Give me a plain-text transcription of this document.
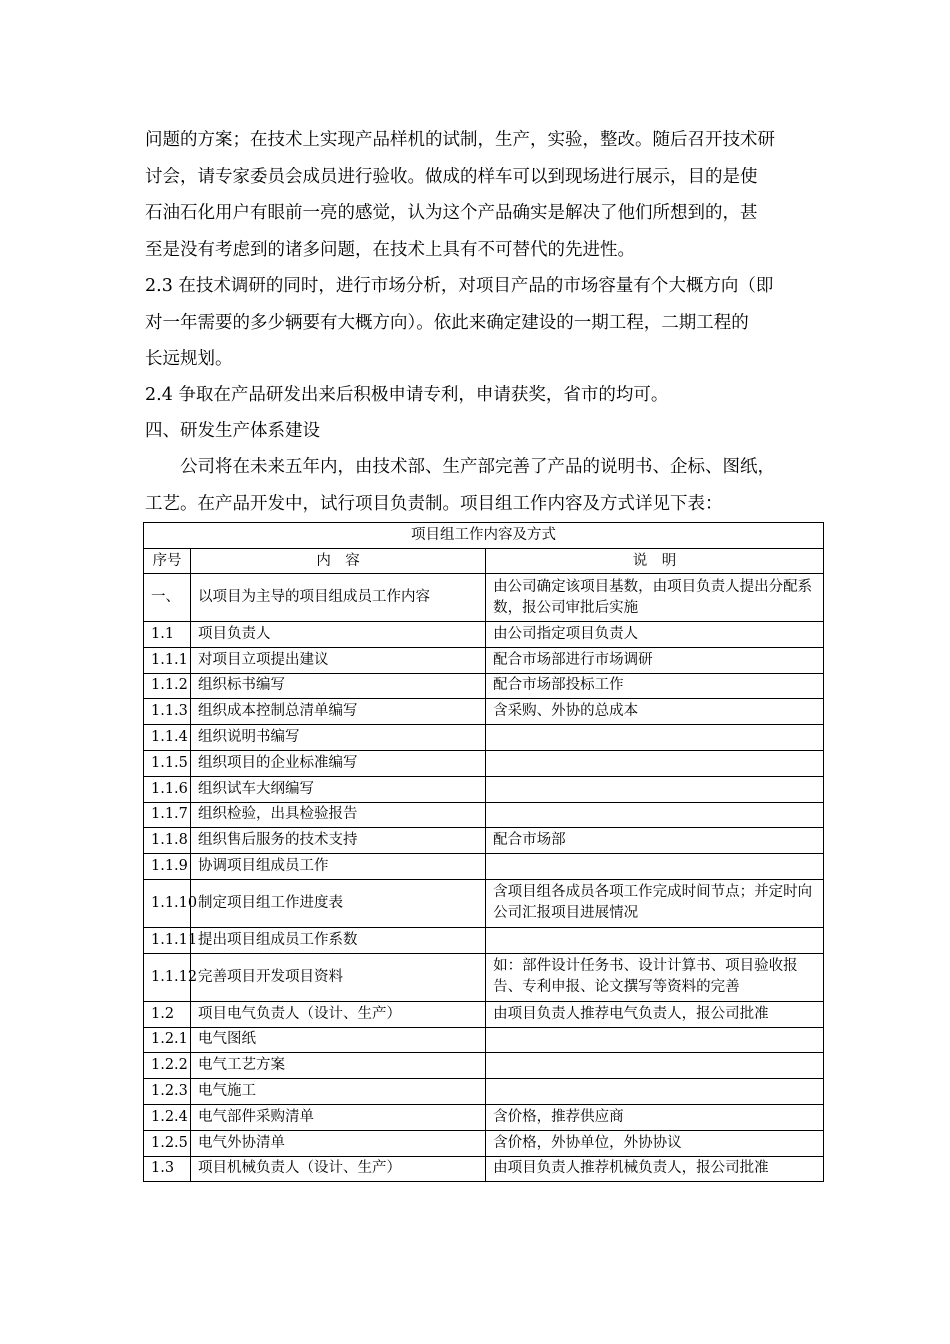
问题的方案；在技术上实现产品样机的试制，生产，实验，整改。随后召开技术研
讨会，请专家委员会成员进行验收。做成的样车可以到现场进行展示，目的是使
石油石化用户有眼前一亮的感觉，认为这个产品确实是解决了他们所想到的，甚
至是没有考虑到的诸多问题，在技术上具有不可替代的先进性。
2.3 在技术调研的同时，进行市场分析，对项目产品的市场容量有个大概方向（即
对一年需要的多少辆要有大概方向）。依此来确定建设的一期工程，二期工程的
长远规划。
2.4 争取在产品研发出来后积极申请专利，申请获奖，省市的均可。
四、研发生产体系建设
公司将在未来五年内，由技术部、生产部完善了产品的说明书、企标、图纸，
工艺。在产品开发中，试行项目负责制。项目组工作内容及方式详见下表：
项目组工作内容及方式		
序号	内　容	说　明
一、	以项目为主导的项目组成员工作内容	由公司确定该项目基数，由项目负责人提出分配系数，报公司审批后实施
1.1	项目负责人	由公司指定项目负责人
1.1.1	对项目立项提出建议	配合市场部进行市场调研
1.1.2	组织标书编写	配合市场部投标工作
1.1.3	组织成本控制总清单编写	含采购、外协的总成本
1.1.4	组织说明书编写	
1.1.5	组织项目的企业标准编写	
1.1.6	组织试车大纲编写	
1.1.7	组织检验，出具检验报告	
1.1.8	组织售后服务的技术支持	配合市场部
1.1.9	协调项目组成员工作	
1.1.10	制定项目组工作进度表	含项目组各成员各项工作完成时间节点；并定时向公司汇报项目进展情况
1.1.11	提出项目组成员工作系数	
1.1.12	完善项目开发项目资料	如：部件设计任务书、设计计算书、项目验收报告、专利申报、论文撰写等资料的完善
1.2	项目电气负责人（设计、生产）	由项目负责人推荐电气负责人，报公司批准
1.2.1	电气图纸	
1.2.2	电气工艺方案	
1.2.3	电气施工	
1.2.4	电气部件采购清单	含价格，推荐供应商
1.2.5	电气外协清单	含价格，外协单位，外协协议
1.3	项目机械负责人（设计、生产）	由项目负责人推荐机械负责人，报公司批准
